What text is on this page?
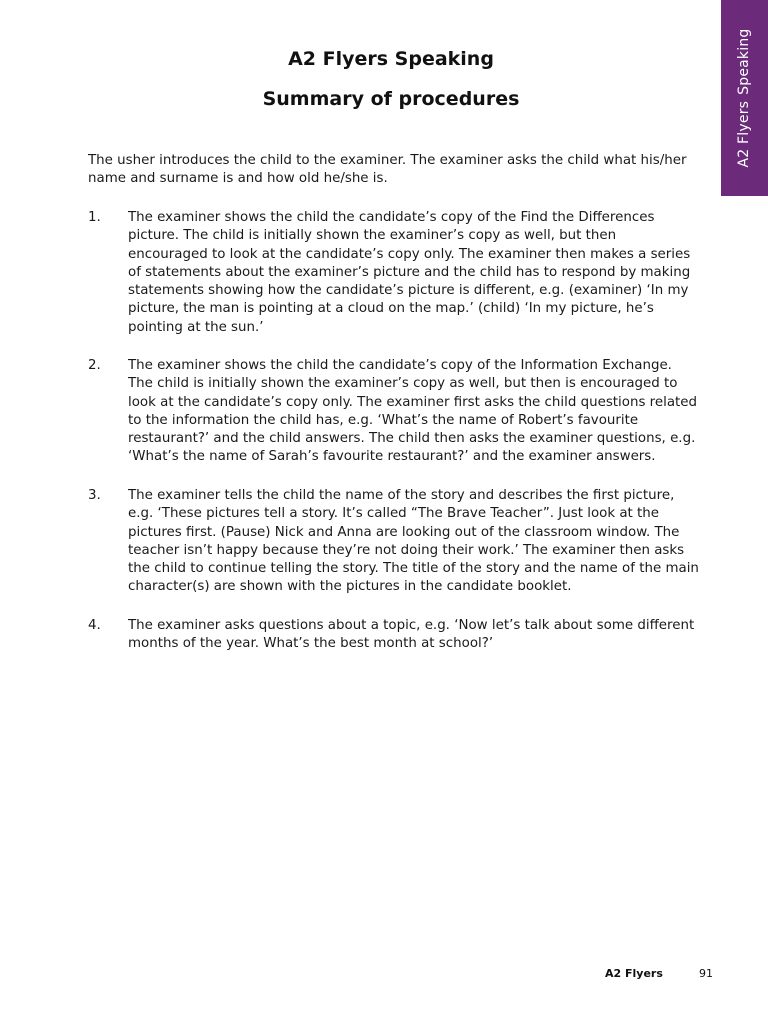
A2 FlyersSpeaking
A2 Flyers Speaking
Summary of procedures

The usher introduces the child to the examiner. The examiner asks the child what his/her name and surname is and how old he/she is.

1.	The examiner shows the child the candidate’s copy of the Find the Differences picture. The child is initially shown the examiner’s copy as well, but then encouraged to look at the candidate’s copy only. The examiner then makes a series of statements about the examiner’s picture and the child has to respond by making statements showing how the candidate’s picture is different, e.g. (examiner) ‘In my picture, the man is pointing at a cloud on the map.’ (child) ‘In my picture, he’s pointing at the sun.’
2.	The examiner shows the child the candidate’s copy of the Information Exchange. The child is initially shown the examiner’s copy as well, but then is encouraged to look at the candidate’s copy only. The examiner first asks the child questions related to the information the child has, e.g. ‘What’s the name of Robert’s favourite restaurant?’ and the child answers. The child then asks the examiner questions, e.g. ‘What’s the name of Sarah’s favourite restaurant?’ and the examiner answers.
3.	The examiner tells the child the name of the story and describes the first picture, e.g. ‘These pictures tell a story. It’s called “The Brave Teacher”. Just look at the pictures first. (Pause) Nick and Anna are looking out of the classroom window. The teacher isn’t happy because they’re not doing their work.’ The examiner then asks the child to continue telling the story. The title of the story and the name of the main character(s) are shown with the pictures in the candidate booklet.
4.	The examiner asks questions about a topic, e.g. ‘Now let’s talk about some different months of the year. What’s the best month at school?’
A2 Flyers	91
